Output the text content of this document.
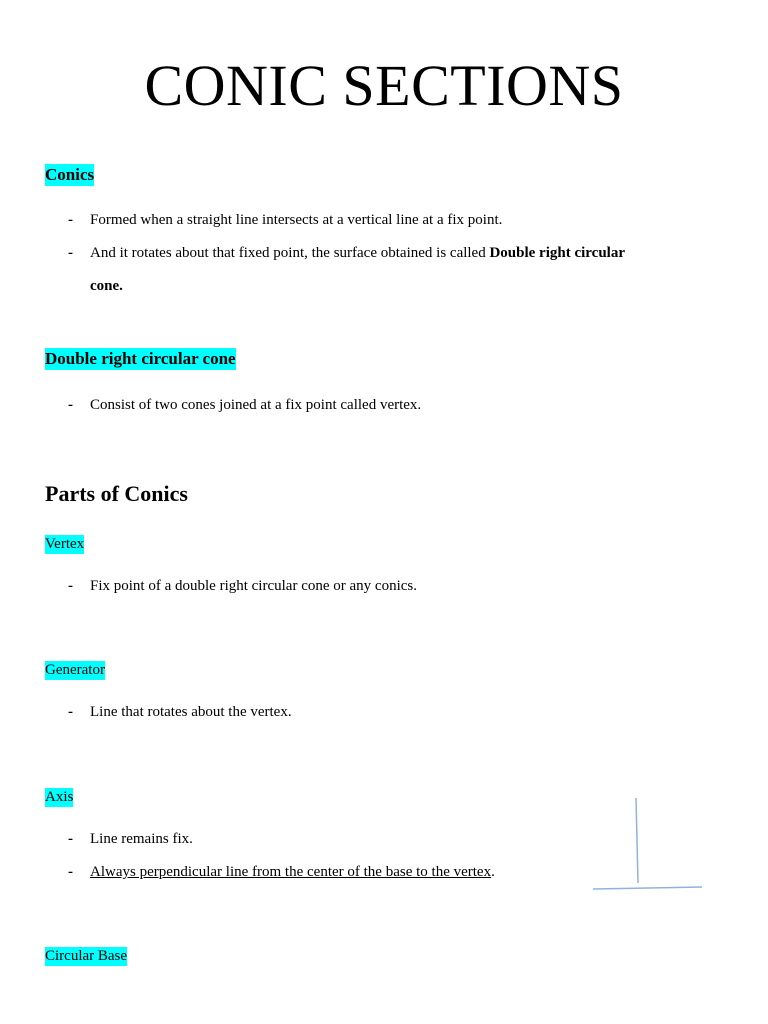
CONIC SECTIONS
Conics
- Formed when a straight line intersects at a vertical line at a fix point.
- And it rotates about that fixed point, the surface obtained is called Double right circular
cone.
Double right circular cone
- Consist of two cones joined at a fix point called vertex.
Parts of Conics
Vertex
- Fix point of a double right circular cone or any conics.
Generator
- Line that rotates about the vertex.
Axis
- Line remains fix.
- Always perpendicular line from the center of the base to the vertex.
Circular Base
